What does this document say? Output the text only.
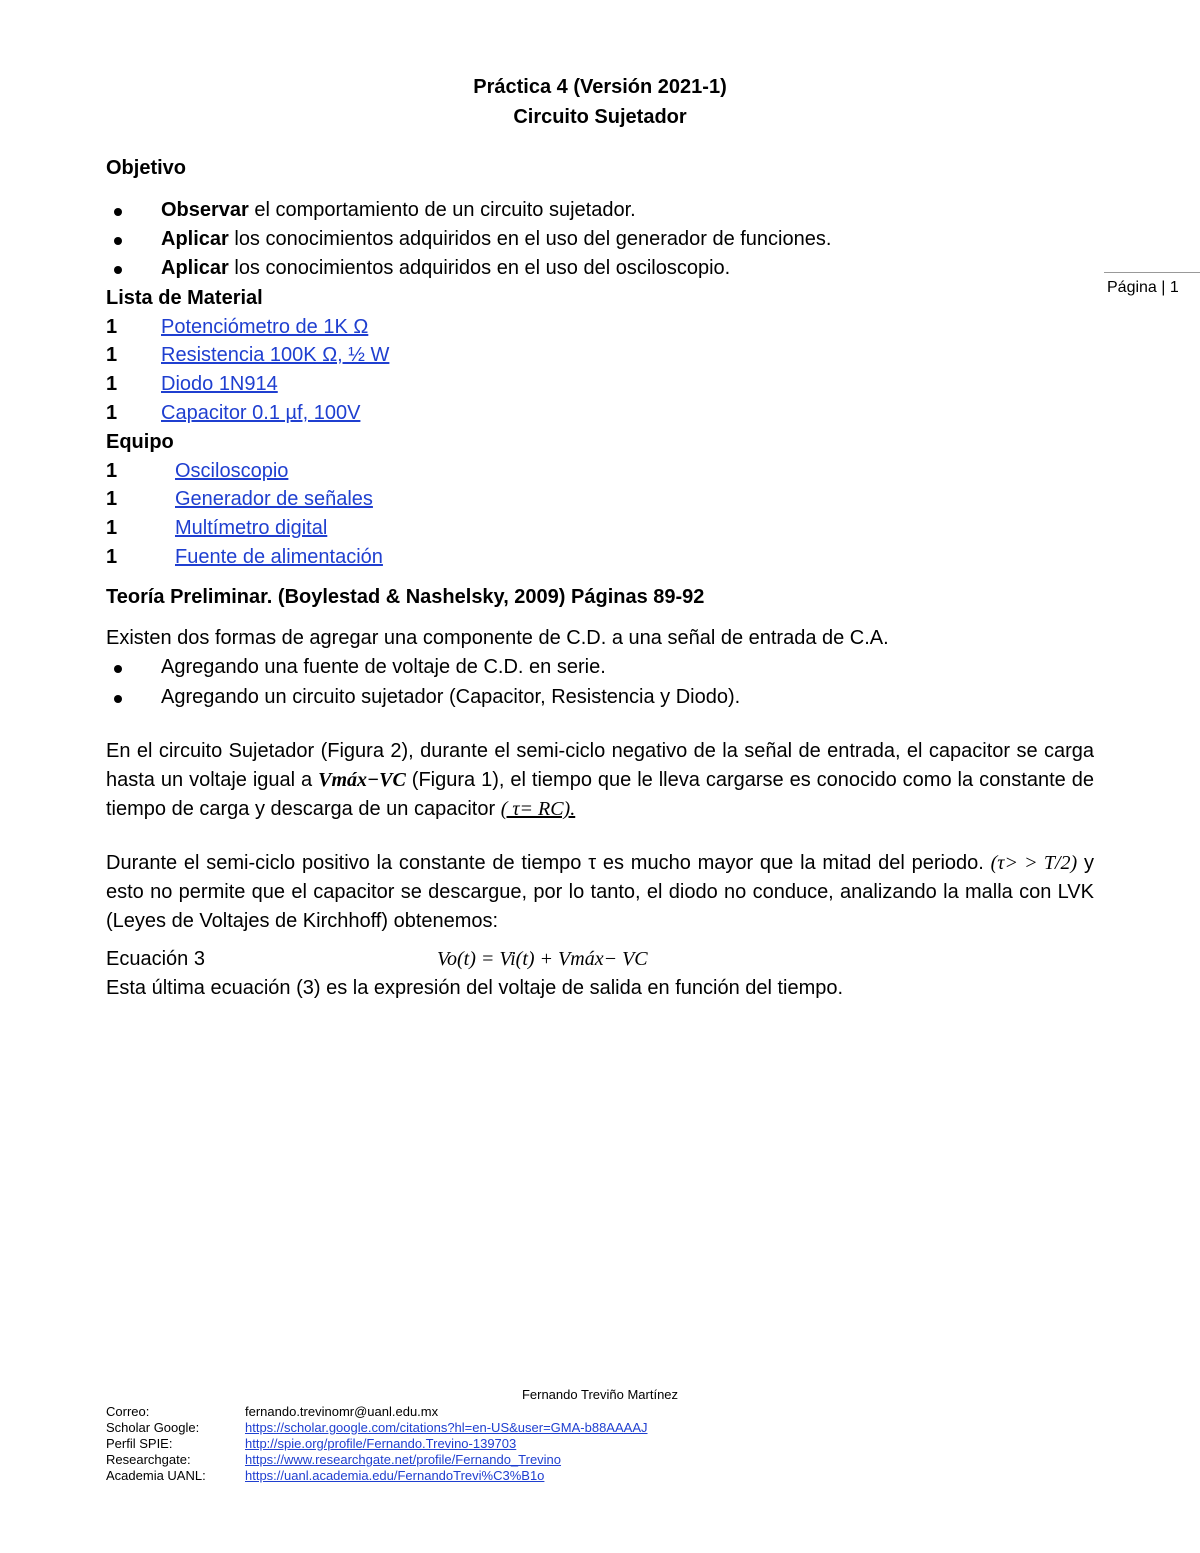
Práctica 4 (Versión 2021-1)
Circuito Sujetador
Página | 1
Objetivo
Observar el comportamiento de un circuito sujetador.
Aplicar los conocimientos adquiridos en el uso del generador de funciones.
Aplicar los conocimientos adquiridos en el uso del osciloscopio.
Lista de Material
1 Potenciómetro de 1K Ω
1 Resistencia 100K Ω, ½ W
1 Diodo 1N914
1 Capacitor 0.1 µf, 100V
Equipo
1	Osciloscopio
1	Generador de señales
1	Multímetro digital
1	Fuente de alimentación
Teoría Preliminar. (Boylestad & Nashelsky, 2009) Páginas 89-92
Existen dos formas de agregar una componente de C.D. a una señal de entrada de C.A.
Agregando una fuente de voltaje de C.D. en serie.
Agregando un circuito sujetador (Capacitor, Resistencia y Diodo).
En el circuito Sujetador (Figura 2), durante el semi-ciclo negativo de la señal de entrada, el capacitor se carga hasta un voltaje igual a Vmáx−VC (Figura 1), el tiempo que le lleva cargarse es conocido como la constante de tiempo de carga y descarga de un capacitor ( τ= RC).
Durante el semi-ciclo positivo la constante de tiempo τ es mucho mayor que la mitad del periodo. (τ> > T/2) y esto no permite que el capacitor se descargue, por lo tanto, el diodo no conduce, analizando la malla con LVK (Leyes de Voltajes de Kirchhoff) obtenemos:
Ecuación 3	Vo(t) = Vi(t) + Vmáx− VC
Esta última ecuación (3) es la expresión del voltaje de salida en función del tiempo.
Fernando Treviño Martínez
Correo:	fernando.trevinomr@uanl.edu.mx
Scholar Google:	https://scholar.google.com/citations?hl=en-US&user=GMA-b88AAAAJ
Perfil SPIE:	http://spie.org/profile/Fernando.Trevino-139703
Researchgate:	https://www.researchgate.net/profile/Fernando_Trevino
Academia UANL:	https://uanl.academia.edu/FernandoTrevi%C3%B1o
